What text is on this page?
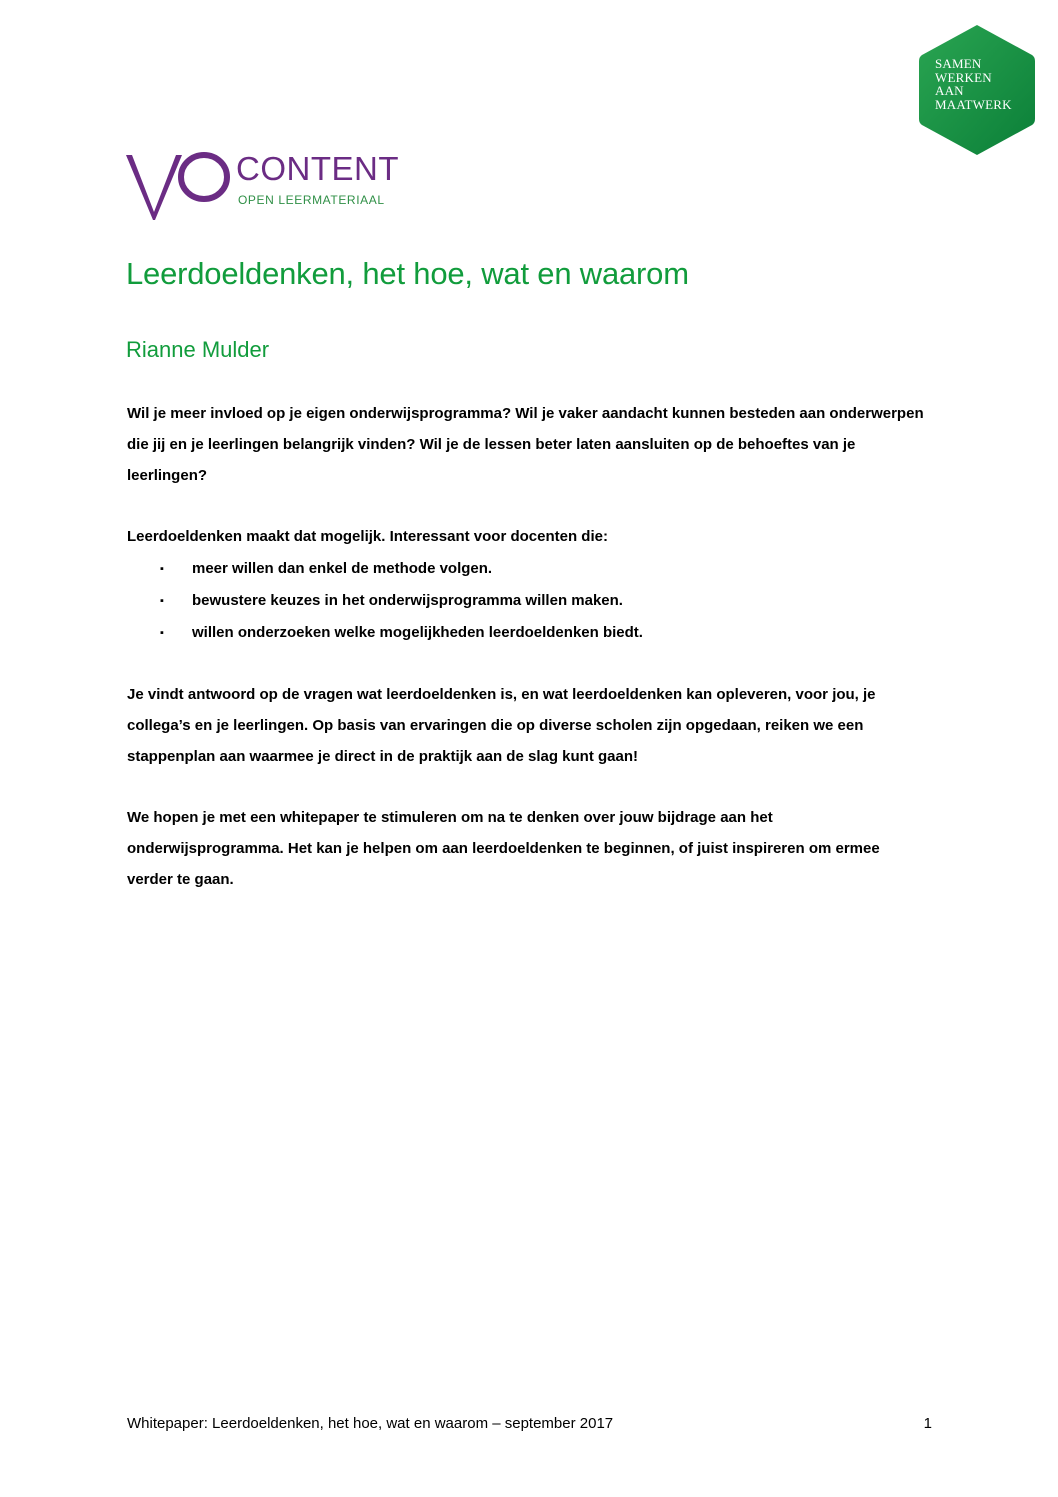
SAMEN
WERKEN
AAN
MAATWERK
CONTENT
OPEN LEERMATERIAAL
Leerdoeldenken, het hoe, wat en waarom
Rianne Mulder

Wil je meer invloed op je eigen onderwijsprogramma? Wil je vaker aandacht kunnen besteden aan onderwerpen die jij en je leerlingen belangrijk vinden? Wil je de lessen beter laten aansluiten op de behoeftes van je leerlingen?

Leerdoeldenken maakt dat mogelijk. Interessant voor docenten die:

▪ meer willen dan enkel de methode volgen.
▪ bewustere keuzes in het onderwijsprogramma willen maken.
▪ willen onderzoeken welke mogelijkheden leerdoeldenken biedt.

Je vindt antwoord op de vragen wat leerdoeldenken is, en wat leerdoeldenken kan opleveren, voor jou, je collega’s en je leerlingen. Op basis van ervaringen die op diverse scholen zijn opgedaan, reiken we een stappenplan aan waarmee je direct in de praktijk aan de slag kunt gaan!

We hopen je met een whitepaper te stimuleren om na te denken over jouw bijdrage aan het onderwijsprogramma. Het kan je helpen om aan leerdoeldenken te beginnen, of juist inspireren om ermee verder te gaan.

Whitepaper: Leerdoeldenken, het hoe, wat en waarom – september 2017	1
